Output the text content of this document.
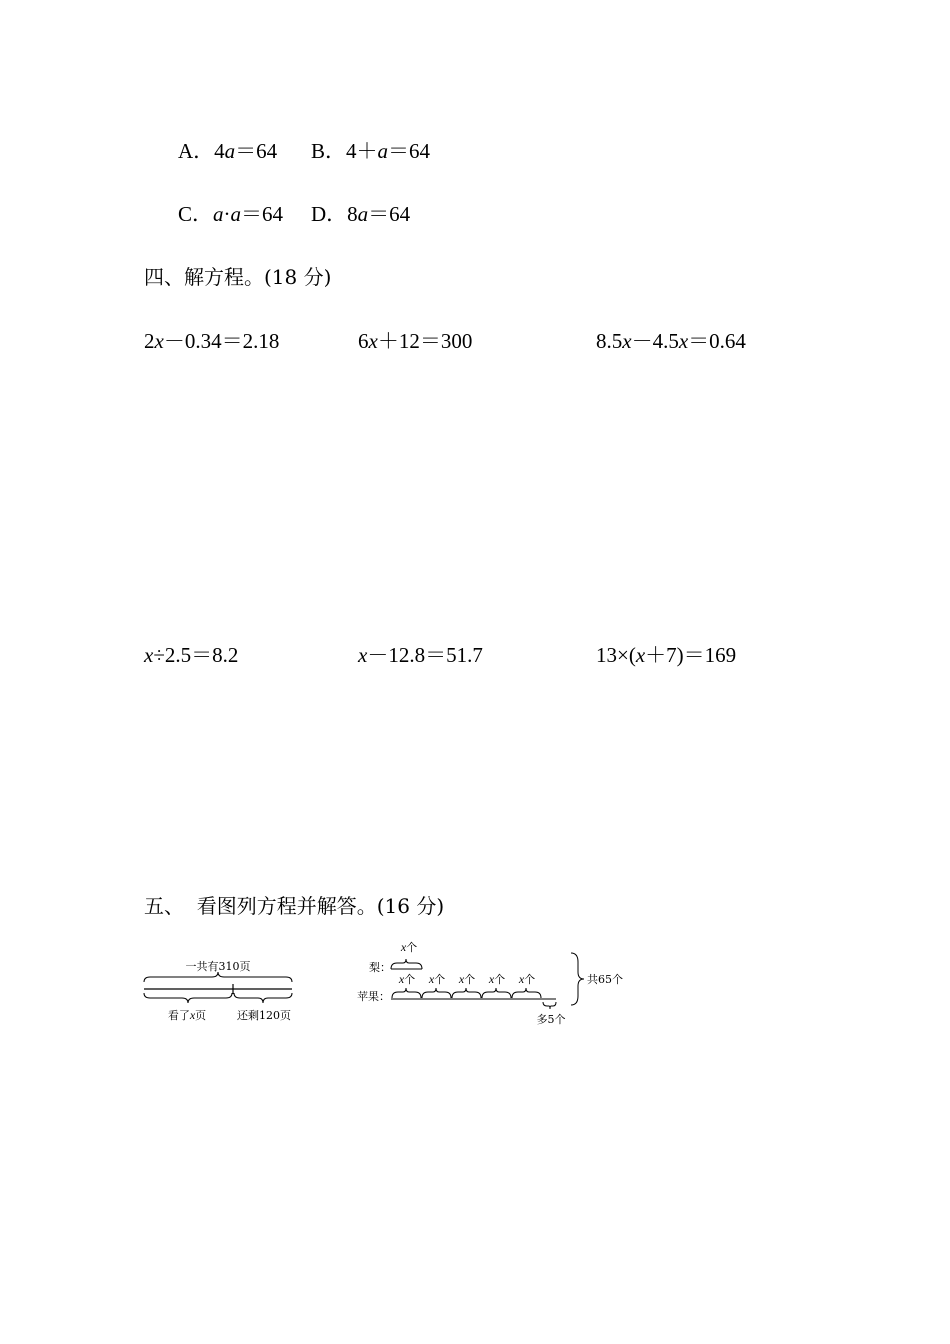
A．4a＝64 B．4＋a＝64
C．a·a＝64 D．8a＝64
四、解方程。(18 分)
2x－0.34＝2.18	6x＋12＝300	8.5x－4.5x＝0.64
x÷2.5＝8.2	x－12.8＝51.7	13×(x＋7)＝169
五、  看图列方程并解答。(16 分)
一共有310页
看了x页	还剩120页
x个
梨：
x个 x个 x个 x个 x个
苹果：
多5个
共65个
